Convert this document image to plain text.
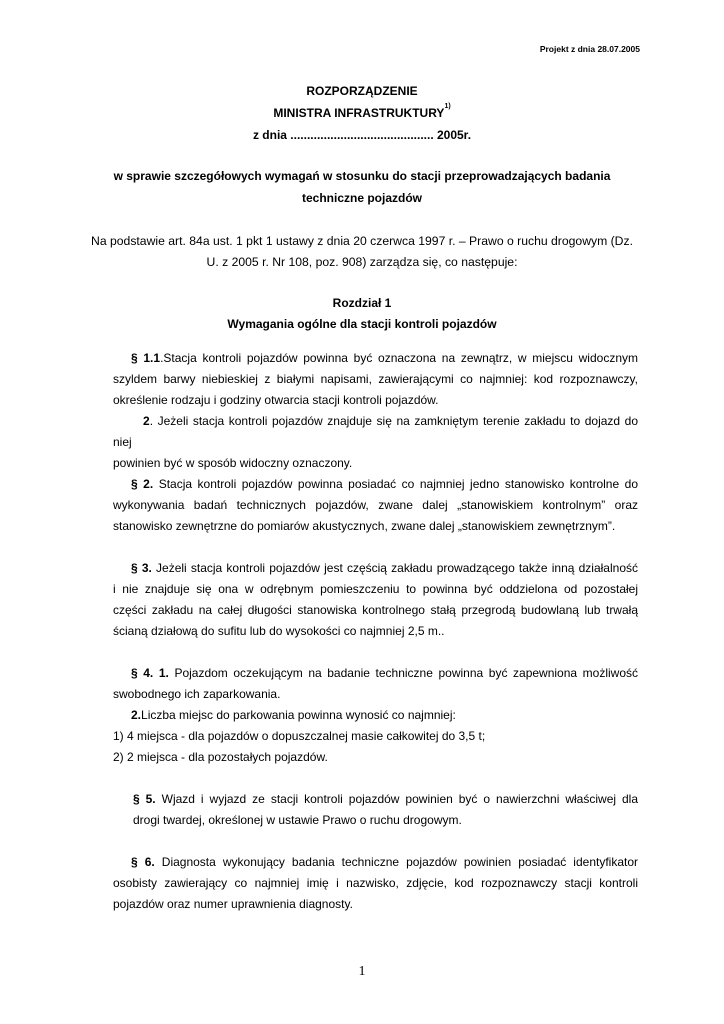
Projekt z dnia 28.07.2005
ROZPORZĄDZENIE
MINISTRA INFRASTRUKTURY$^{1)}$
z dnia ........................................... 2005r.
w sprawie szczegółowych wymagań w stosunku do stacji przeprowadzających badania
techniczne pojazdów
Na podstawie art. 84a ust. 1 pkt 1 ustawy z dnia 20 czerwca 1997 r. – Prawo o ruchu drogowym (Dz.
U. z 2005 r. Nr 108, poz. 908) zarządza się, co następuje:
Rozdział 1
Wymagania ogólne dla stacji kontroli pojazdów
§ 1.1.Stacja kontroli pojazdów powinna być oznaczona na zewnątrz, w miejscu widocznym
szyldem barwy niebieskiej z białymi napisami, zawierającymi co najmniej: kod rozpoznawczy,
określenie rodzaju i godziny otwarcia stacji kontroli pojazdów.
2. Jeżeli stacja kontroli pojazdów znajduje się na zamkniętym terenie zakładu to dojazd do niej
powinien być w sposób widoczny oznaczony.
§ 2. Stacja kontroli pojazdów powinna posiadać co najmniej jedno stanowisko kontrolne do
wykonywania badań technicznych pojazdów, zwane dalej „stanowiskiem kontrolnym” oraz
stanowisko zewnętrzne do pomiarów akustycznych, zwane dalej „stanowiskiem zewnętrznym”.
§ 3. Jeżeli stacja kontroli pojazdów jest częścią zakładu prowadzącego także inną działalność
i nie znajduje się ona w odrębnym pomieszczeniu to powinna być oddzielona od pozostałej
części zakładu na całej długości stanowiska kontrolnego stałą przegrodą budowlaną lub trwałą
ścianą działową do sufitu lub do wysokości co najmniej 2,5 m..
§ 4. 1. Pojazdom oczekującym na badanie techniczne powinna być zapewniona możliwość
swobodnego ich zaparkowania.
2.Liczba miejsc do parkowania powinna wynosić co najmniej:
1) 4 miejsca - dla pojazdów o dopuszczalnej masie całkowitej do 3,5 t;
2) 2 miejsca - dla pozostałych pojazdów.
§ 5. Wjazd i wyjazd ze stacji kontroli pojazdów powinien być o nawierzchni właściwej dla
drogi twardej, określonej w ustawie Prawo o ruchu drogowym.
§ 6. Diagnosta wykonujący badania techniczne pojazdów powinien posiadać identyfikator
osobisty zawierający co najmniej imię i nazwisko, zdjęcie, kod rozpoznawczy stacji kontroli
pojazdów oraz numer uprawnienia diagnosty.
1
